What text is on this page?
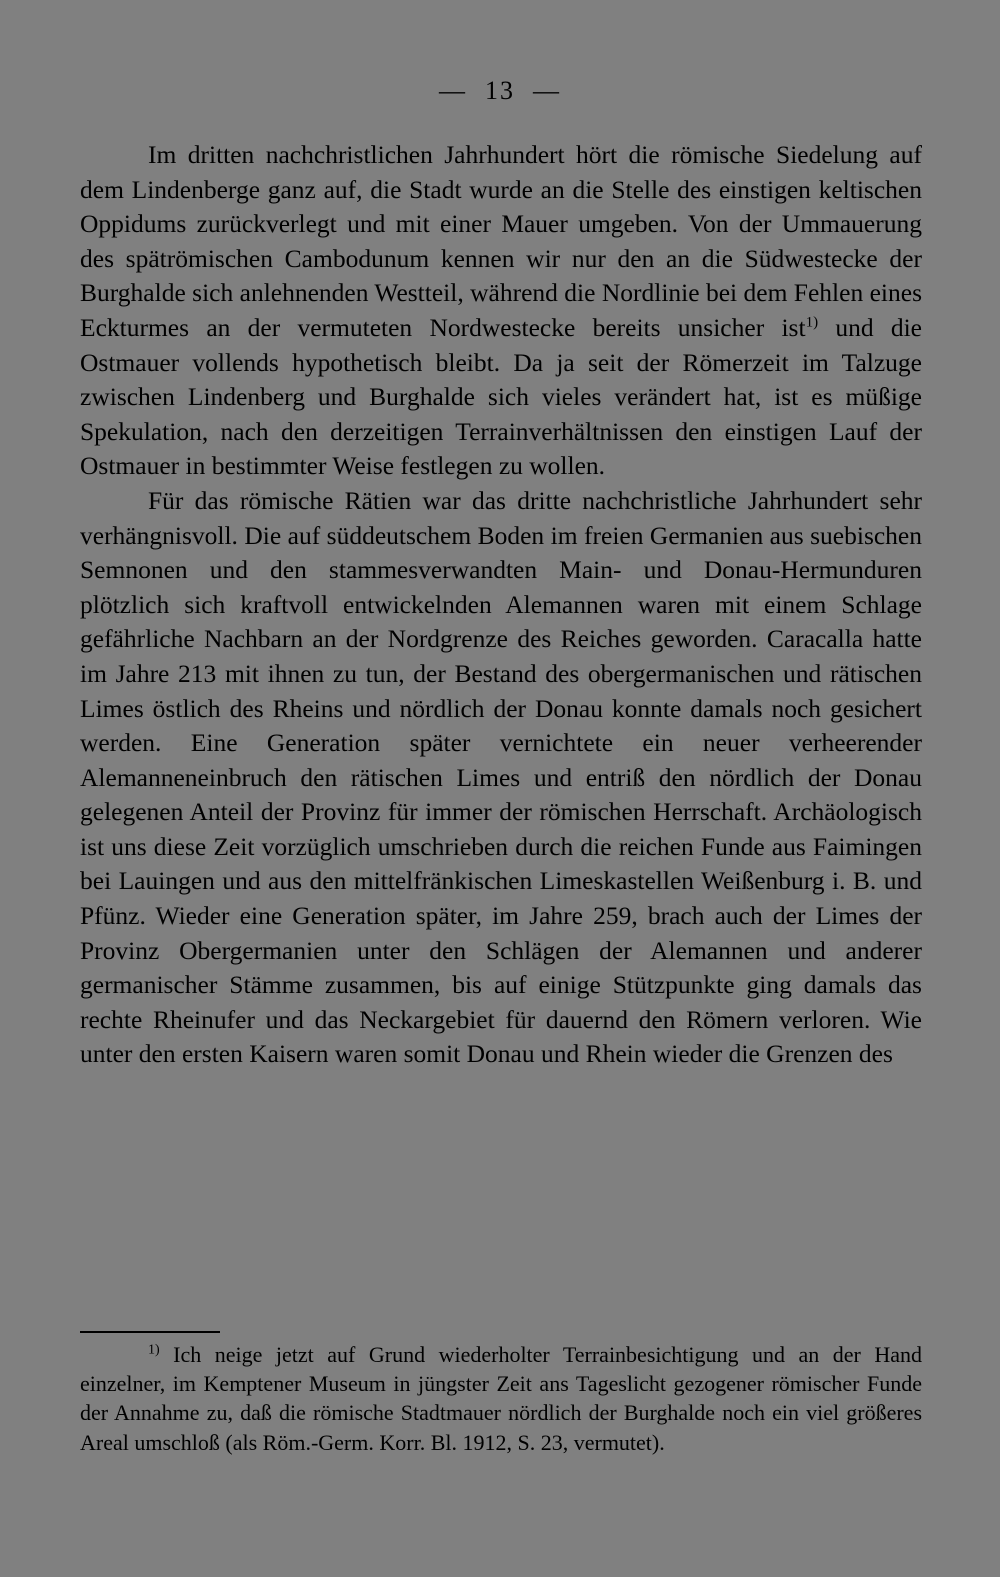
— 13 —

Im dritten nachchristlichen Jahrhundert hört die römische Siedelung auf dem Lindenberge ganz auf, die Stadt wurde an die Stelle des einstigen keltischen Oppidums zurückverlegt und mit einer Mauer umgeben. Von der Ummauerung des spätrömischen Cambodunum kennen wir nur den an die Südwestecke der Burghalde sich anlehnenden Westteil, während die Nordlinie bei dem Fehlen eines Eckturmes an der vermuteten Nordwestecke bereits unsicher ist$^{1)}$ und die Ostmauer vollends hypothetisch bleibt. Da ja seit der Römerzeit im Talzuge zwischen Lindenberg und Burghalde sich vieles verändert hat, ist es müßige Spekulation, nach den derzeitigen Terrainverhältnissen den einstigen Lauf der Ostmauer in bestimmter Weise festlegen zu wollen.

Für das römische Rätien war das dritte nachchristliche Jahrhundert sehr verhängnisvoll. Die auf süddeutschem Boden im freien Germanien aus suebischen Semnonen und den stammesverwandten Main- und Donau-Hermunduren plötzlich sich kraftvoll entwickelnden Alemannen waren mit einem Schlage gefährliche Nachbarn an der Nordgrenze des Reiches geworden. Caracalla hatte im Jahre 213 mit ihnen zu tun, der Bestand des obergermanischen und rätischen Limes östlich des Rheins und nördlich der Donau konnte damals noch gesichert werden. Eine Generation später vernichtete ein neuer verheerender Alemanneneinbruch den rätischen Limes und entriß den nördlich der Donau gelegenen Anteil der Provinz für immer der römischen Herrschaft. Archäologisch ist uns diese Zeit vorzüglich umschrieben durch die reichen Funde aus Faimingen bei Lauingen und aus den mittelfränkischen Limeskastellen Weißenburg i. B. und Pfünz. Wieder eine Generation später, im Jahre 259, brach auch der Limes der Provinz Obergermanien unter den Schlägen der Alemannen und anderer germanischer Stämme zusammen, bis auf einige Stützpunkte ging damals das rechte Rheinufer und das Neckargebiet für dauernd den Römern verloren. Wie unter den ersten Kaisern waren somit Donau und Rhein wieder die Grenzen des

$^{1)}$ Ich neige jetzt auf Grund wiederholter Terrainbesichtigung und an der Hand einzelner, im Kemptener Museum in jüngster Zeit ans Tageslicht gezogener römischer Funde der Annahme zu, daß die römische Stadtmauer nördlich der Burghalde noch ein viel größeres Areal umschloß (als Röm.-Germ. Korr. Bl. 1912, S. 23, vermutet).
